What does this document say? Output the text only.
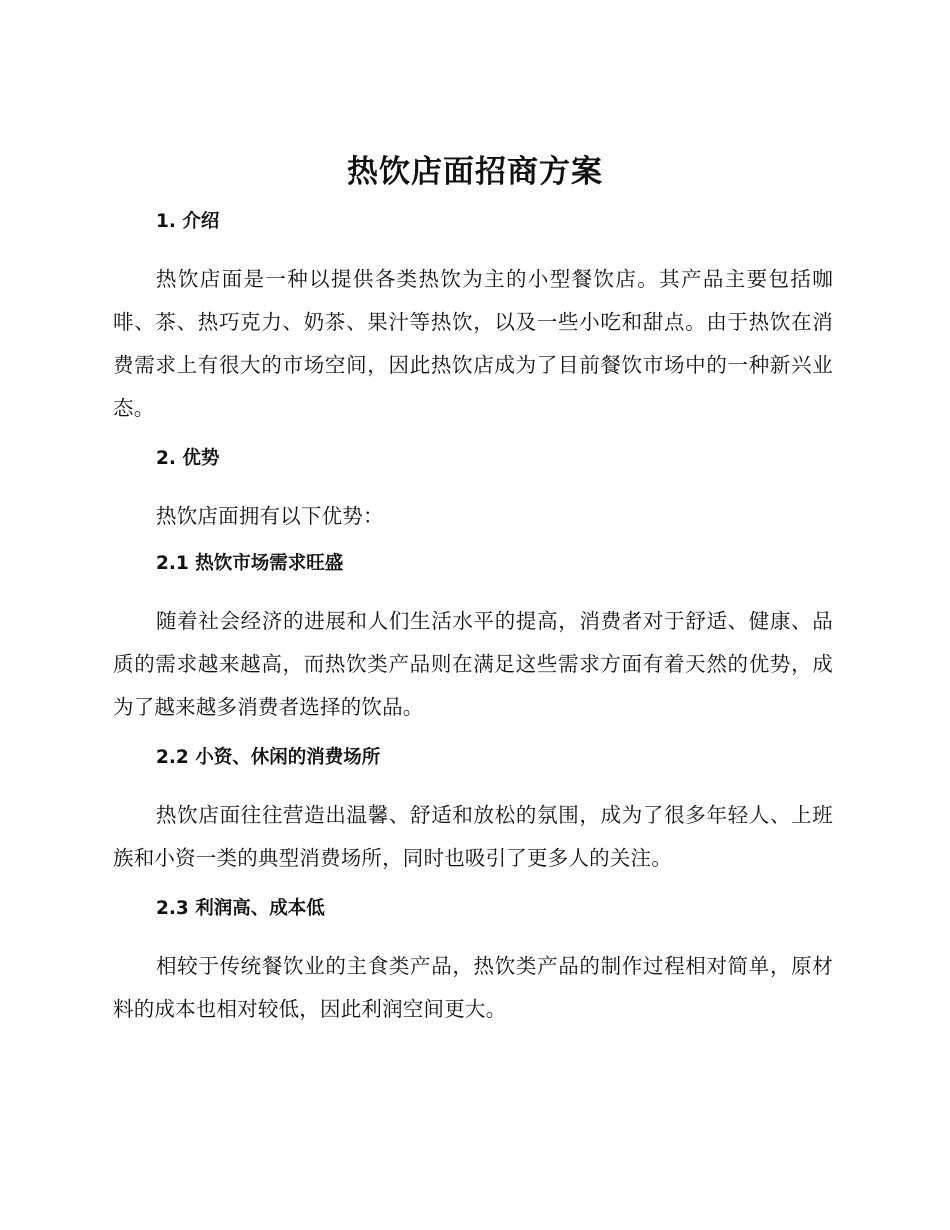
热饮店面招商方案
1. 介绍

热饮店面是一种以提供各类热饮为主的小型餐饮店。其产品主要包括咖啡、茶、热巧克力、奶茶、果汁等热饮，以及一些小吃和甜点。由于热饮在消费需求上有很大的市场空间，因此热饮店成为了目前餐饮市场中的一种新兴业态。

2. 优势

热饮店面拥有以下优势：

2.1 热饮市场需求旺盛

随着社会经济的进展和人们生活水平的提高，消费者对于舒适、健康、品质的需求越来越高，而热饮类产品则在满足这些需求方面有着天然的优势，成为了越来越多消费者选择的饮品。

2.2 小资、休闲的消费场所

热饮店面往往营造出温馨、舒适和放松的氛围，成为了很多年轻人、上班族和小资一类的典型消费场所，同时也吸引了更多人的关注。

2.3 利润高、成本低

相较于传统餐饮业的主食类产品，热饮类产品的制作过程相对简单，原材料的成本也相对较低，因此利润空间更大。
